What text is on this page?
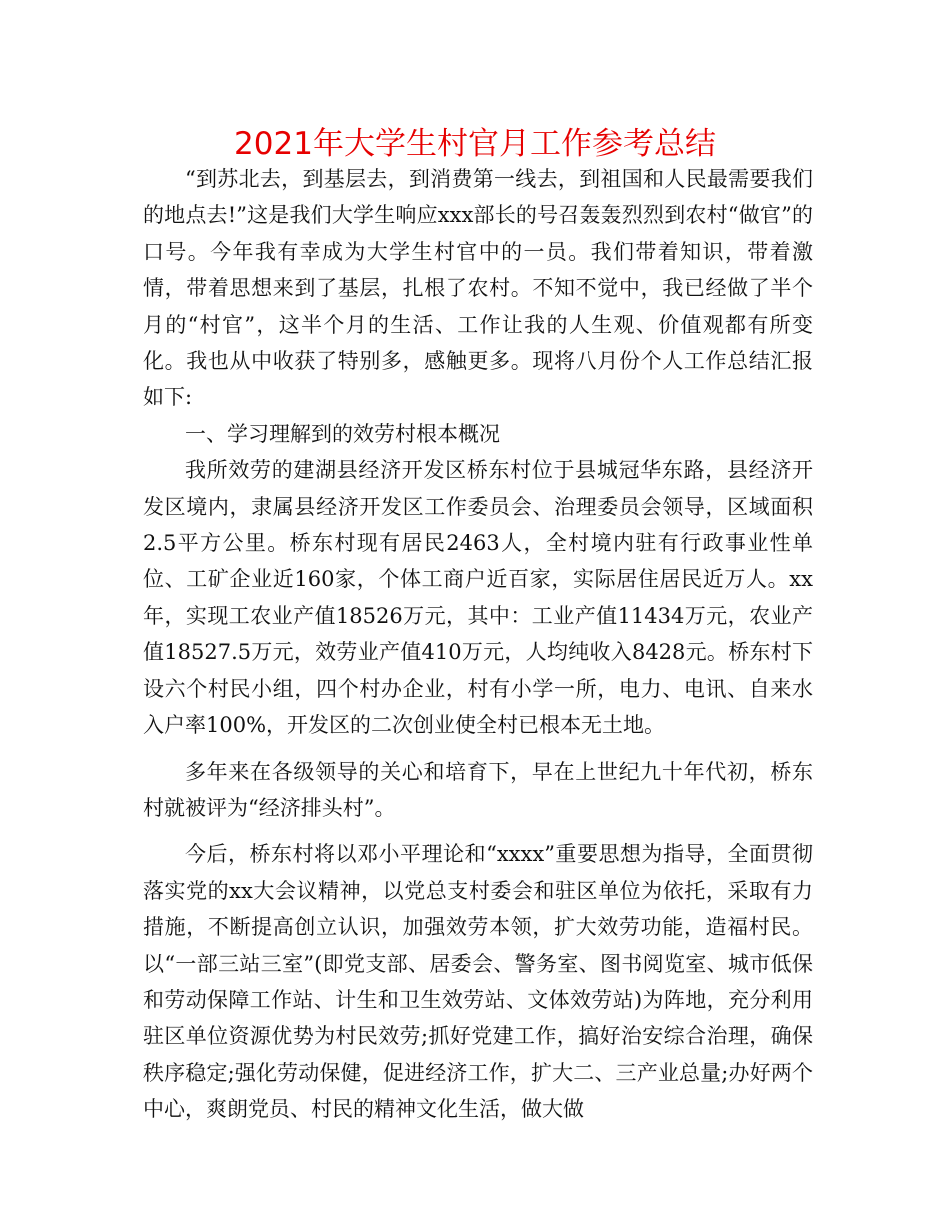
2021年大学生村官月工作参考总结

“到苏北去，到基层去，到消费第一线去，到祖国和人民最需要我们的地点去!”这是我们大学生响应xxx部长的号召轰轰烈烈到农村“做官”的口号。今年我有幸成为大学生村官中的一员。我们带着知识，带着激情，带着思想来到了基层，扎根了农村。不知不觉中，我已经做了半个月的“村官”，这半个月的生活、工作让我的人生观、价值观都有所变化。我也从中收获了特别多，感触更多。现将八月份个人工作总结汇报如下:

一、学习理解到的效劳村根本概况

我所效劳的建湖县经济开发区桥东村位于县城冠华东路，县经济开发区境内，隶属县经济开发区工作委员会、治理委员会领导，区域面积2.5平方公里。桥东村现有居民2463人，全村境内驻有行政事业性单位、工矿企业近160家，个体工商户近百家，实际居住居民近万人。xx年，实现工农业产值18526万元，其中：工业产值11434万元，农业产值18527.5万元，效劳业产值410万元，人均纯收入8428元。桥东村下设六个村民小组，四个村办企业，村有小学一所，电力、电讯、自来水入户率100%，开发区的二次创业使全村已根本无土地。

多年来在各级领导的关心和培育下，早在上世纪九十年代初，桥东村就被评为“经济排头村”。

今后，桥东村将以邓小平理论和“xxxx”重要思想为指导，全面贯彻落实党的xx大会议精神，以党总支村委会和驻区单位为依托，采取有力措施，不断提高创立认识，加强效劳本领，扩大效劳功能，造福村民。以“一部三站三室”(即党支部、居委会、警务室、图书阅览室、城市低保和劳动保障工作站、计生和卫生效劳站、文体效劳站)为阵地，充分利用驻区单位资源优势为村民效劳;抓好党建工作，搞好治安综合治理，确保秩序稳定;强化劳动保健，促进经济工作，扩大二、三产业总量;办好两个中心，爽朗党员、村民的精神文化生活，做大做
